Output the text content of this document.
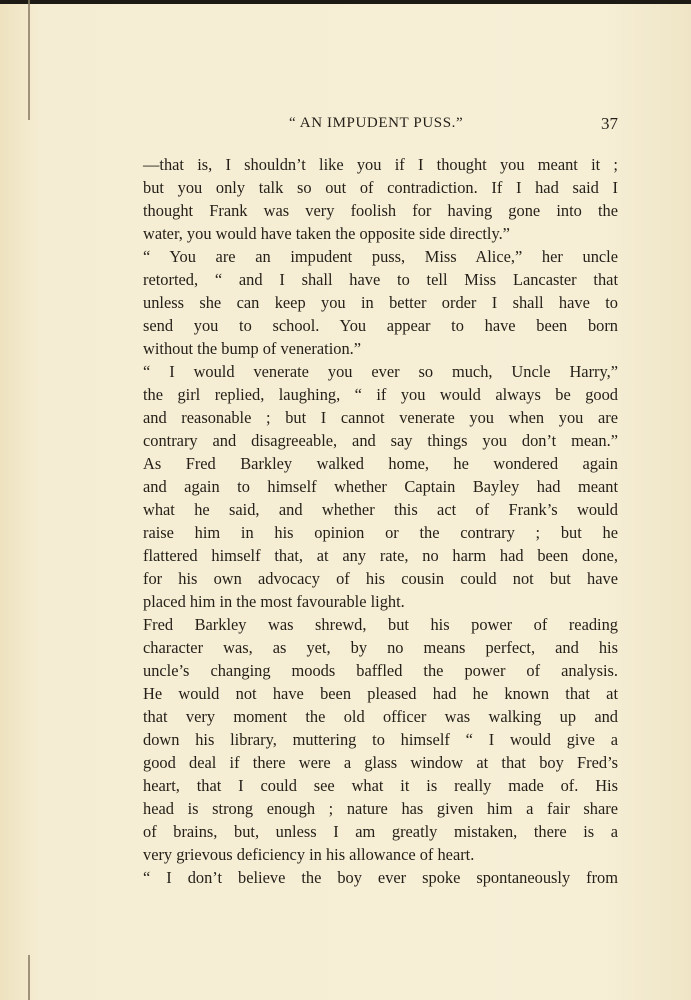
“ AN IMPUDENT PUSS.”	37
—that is, I shouldn’t like you if I thought you meant it ;
but you only talk so out of contradiction. If I had said I
thought Frank was very foolish for having gone into the
water, you would have taken the opposite side directly.”
“ You are an impudent puss, Miss Alice,” her uncle
retorted, “ and I shall have to tell Miss Lancaster that
unless she can keep you in better order I shall have to
send you to school. You appear to have been born
without the bump of veneration.”
“ I would venerate you ever so much, Uncle Harry,”
the girl replied, laughing, “ if you would always be good
and reasonable ; but I cannot venerate you when you are
contrary and disagreeable, and say things you don’t mean.”
As Fred Barkley walked home, he wondered again
and again to himself whether Captain Bayley had meant
what he said, and whether this act of Frank’s would
raise him in his opinion or the contrary ; but he
flattered himself that, at any rate, no harm had been done,
for his own advocacy of his cousin could not but have
placed him in the most favourable light.
Fred Barkley was shrewd, but his power of reading
character was, as yet, by no means perfect, and his
uncle’s changing moods baffled the power of analysis.
He would not have been pleased had he known that at
that very moment the old officer was walking up and
down his library, muttering to himself “ I would give a
good deal if there were a glass window at that boy Fred’s
heart, that I could see what it is really made of. His
head is strong enough ; nature has given him a fair share
of brains, but, unless I am greatly mistaken, there is a
very grievous deficiency in his allowance of heart.
“ I don’t believe the boy ever spoke spontaneously from
